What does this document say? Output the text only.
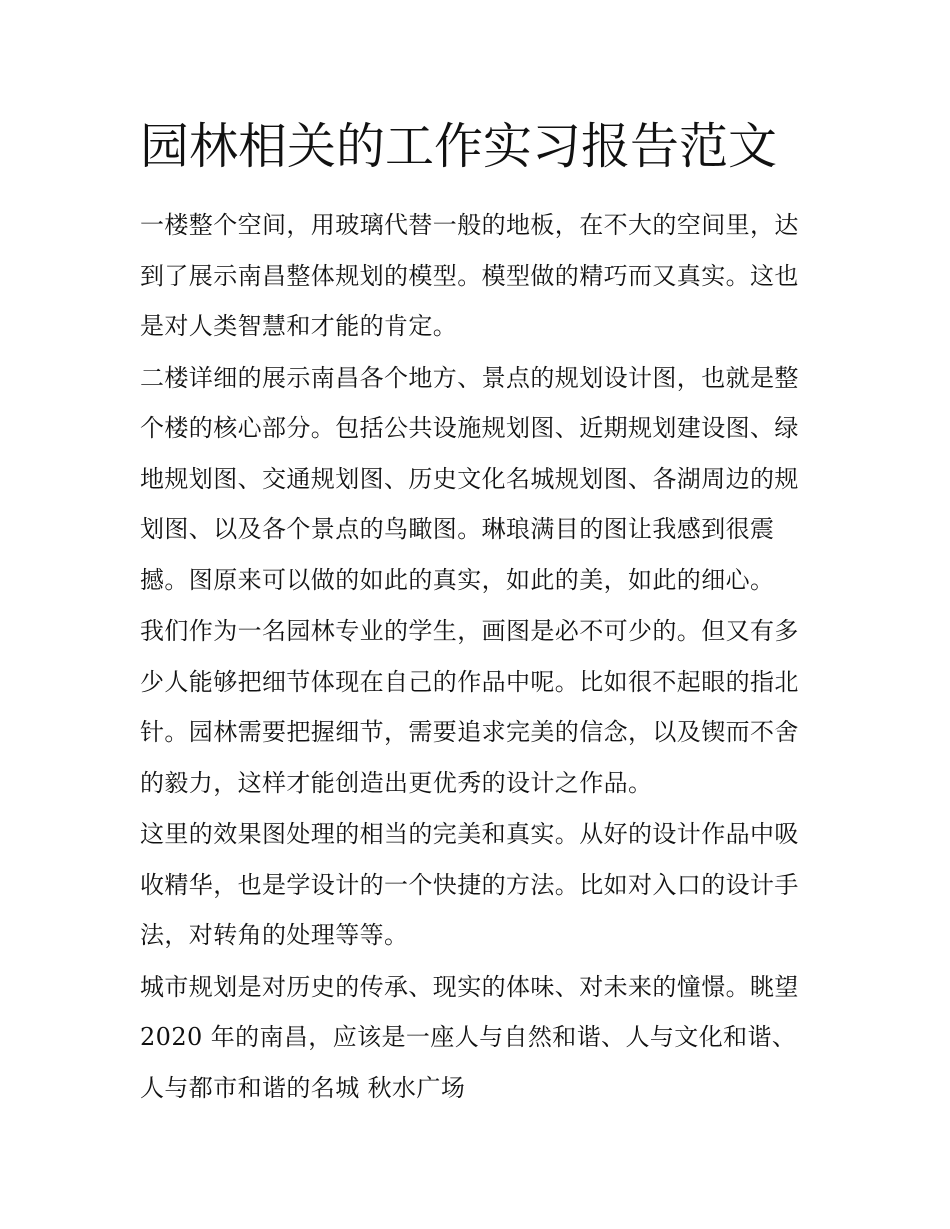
园林相关的工作实习报告范文

一楼整个空间，用玻璃代替一般的地板，在不大的空间里，达
到了展示南昌整体规划的模型。模型做的精巧而又真实。这也
是对人类智慧和才能的肯定。

二楼详细的展示南昌各个地方、景点的规划设计图，也就是整
个楼的核心部分。包括公共设施规划图、近期规划建设图、绿
地规划图、交通规划图、历史文化名城规划图、各湖周边的规
划图、以及各个景点的鸟瞰图。琳琅满目的图让我感到很震
撼。图原来可以做的如此的真实，如此的美，如此的细心。

我们作为一名园林专业的学生，画图是必不可少的。但又有多
少人能够把细节体现在自己的作品中呢。比如很不起眼的指北
针。园林需要把握细节，需要追求完美的信念，以及锲而不舍
的毅力，这样才能创造出更优秀的设计之作品。

这里的效果图处理的相当的完美和真实。从好的设计作品中吸
收精华，也是学设计的一个快捷的方法。比如对入口的设计手
法，对转角的处理等等。

城市规划是对历史的传承、现实的体味、对未来的憧憬。眺望
2020 年的南昌，应该是一座人与自然和谐、人与文化和谐、
人与都市和谐的名城 秋水广场
